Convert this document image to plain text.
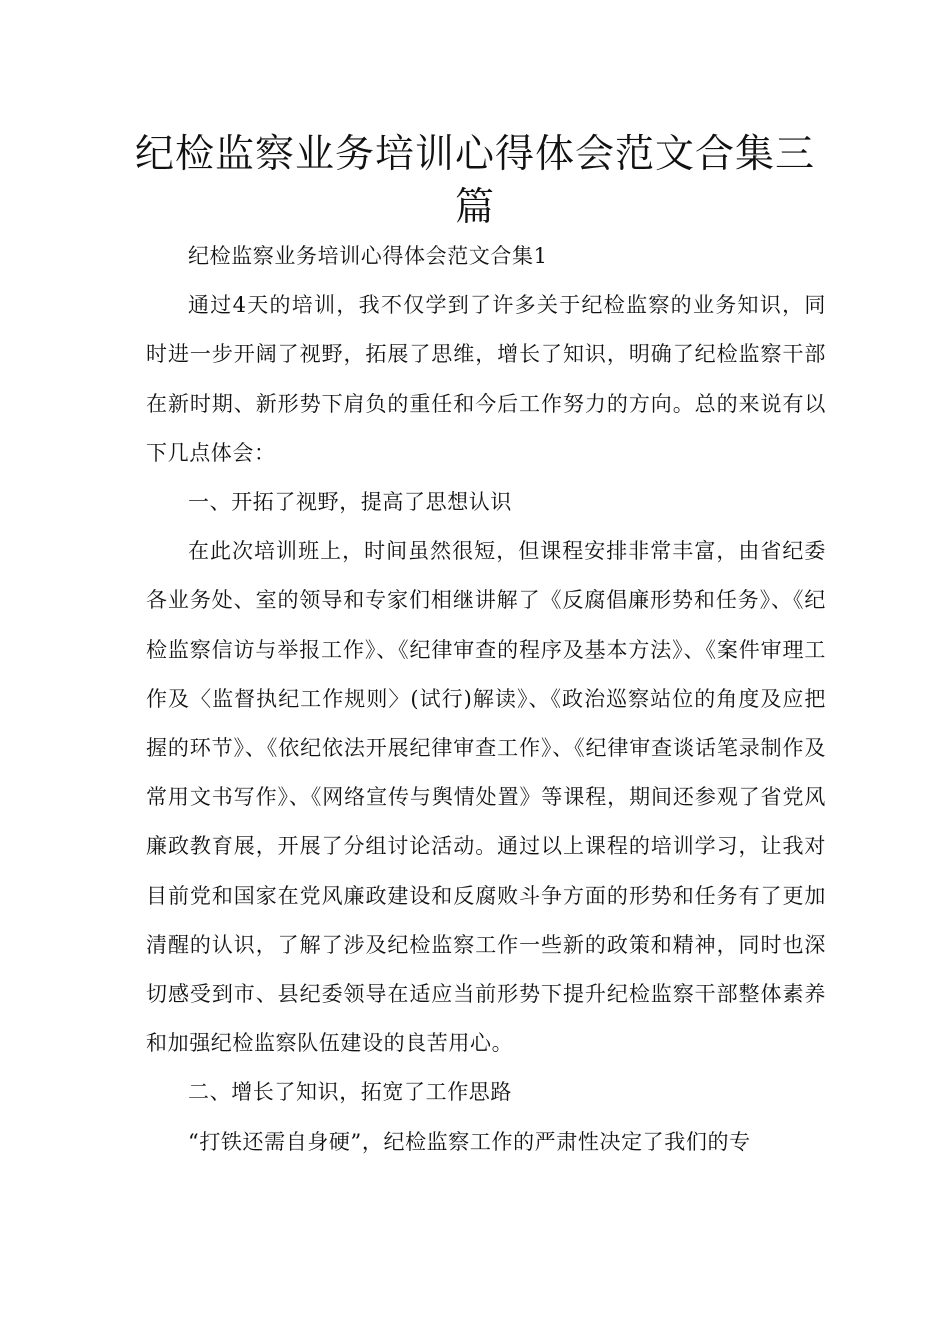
纪检监察业务培训心得体会范文合集三篇

纪检监察业务培训心得体会范文合集1

通过4天的培训，我不仅学到了许多关于纪检监察的业务知识，同时进一步开阔了视野，拓展了思维，增长了知识，明确了纪检监察干部在新时期、新形势下肩负的重任和今后工作努力的方向。总的来说有以下几点体会：

一、开拓了视野，提高了思想认识

在此次培训班上，时间虽然很短，但课程安排非常丰富，由省纪委各业务处、室的领导和专家们相继讲解了《反腐倡廉形势和任务》、《纪检监察信访与举报工作》、《纪律审查的程序及基本方法》、《案件审理工作及〈监督执纪工作规则〉(试行)解读》、《政治巡察站位的角度及应把握的环节》、《依纪依法开展纪律审查工作》、《纪律审查谈话笔录制作及常用文书写作》、《网络宣传与舆情处置》等课程，期间还参观了省党风廉政教育展，开展了分组讨论活动。通过以上课程的培训学习，让我对目前党和国家在党风廉政建设和反腐败斗争方面的形势和任务有了更加清醒的认识，了解了涉及纪检监察工作一些新的政策和精神，同时也深切感受到市、县纪委领导在适应当前形势下提升纪检监察干部整体素养和加强纪检监察队伍建设的良苦用心。

二、增长了知识，拓宽了工作思路

“打铁还需自身硬”，纪检监察工作的严肃性决定了我们的专
